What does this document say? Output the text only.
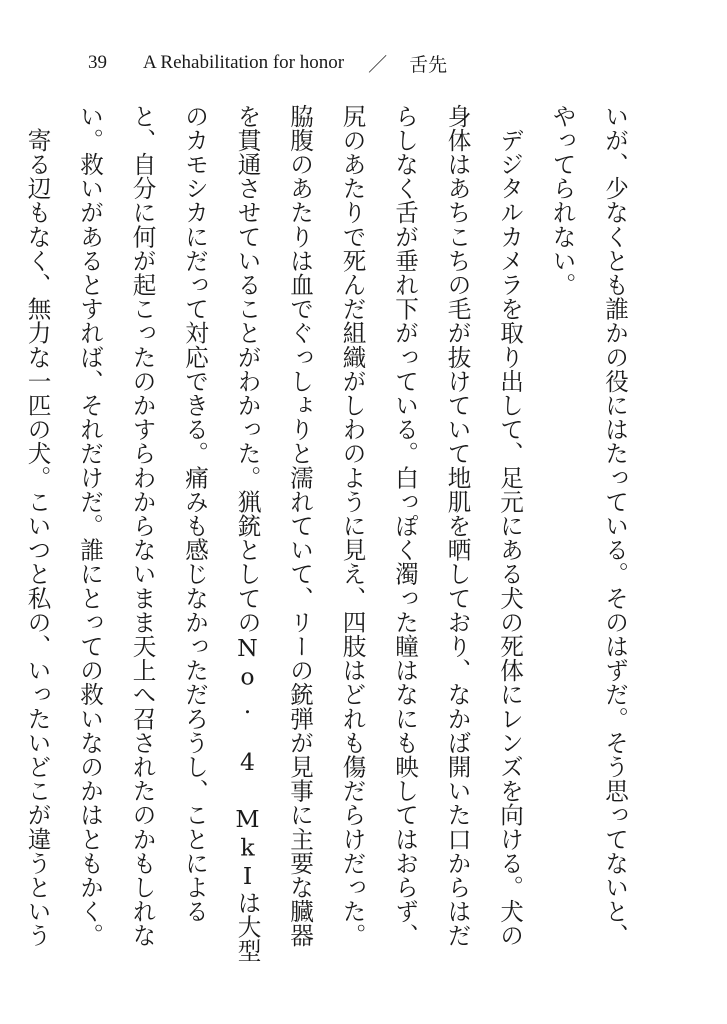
39 A Rehabilitation for honor ／ 舌先

いが、少なくとも誰かの役にはたっている。そのはずだ。そう思ってないと、やってられない。

　デジタルカメラを取り出して、足元にある犬の死体にレンズを向ける。犬の身体はあちこちの毛が抜けていて地肌を晒しており、なかば開いた口からはだらしなく舌が垂れ下がっている。白っぽく濁った瞳はなにも映してはおらず、尻のあたりで死んだ組織がしわのように見え、四肢はどれも傷だらけだった。脇腹のあたりは血でぐっしょりと濡れていて、リーの銃弾が見事に主要な臓器を貫通させていることがわかった。猟銃としてのNo. 4 MkⅠは大型のカモシカにだって対応できる。痛みも感じなかっただろうし、ことによると、自分に何が起こったのかすらわからないまま天上へ召されたのかもしれない。救いがあるとすれば、それだけだ。誰にとっての救いなのかはともかく。

　寄る辺もなく、無力な一匹の犬。こいつと私の、いったいどこが違うという
